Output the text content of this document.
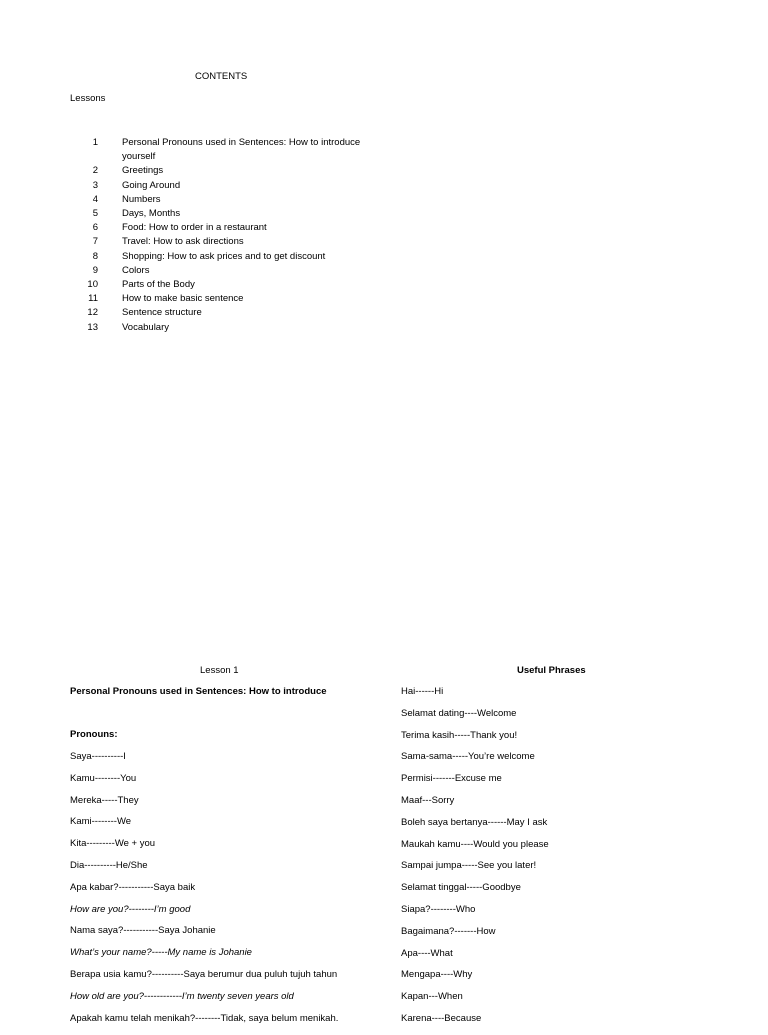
CONTENTS
Lessons
1	Personal Pronouns used in Sentences: How to introduce yourself
2	Greetings
3	Going Around
4	Numbers
5	Days, Months
6	Food: How to order in a restaurant
7	Travel: How to ask directions
8	Shopping: How to ask prices and to get discount
9	Colors
10	Parts of the Body
11	How to make basic sentence
12	Sentence structure
13	Vocabulary
Lesson 1	Useful Phrases
Personal Pronouns used in Sentences: How to introduce
Pronouns:
Saya----------I
Kamu--------You
Mereka-----They
Kami--------We
Kita---------We + you
Dia----------He/She
Apa kabar?-----------Saya baik
How are you?--------I’m good
Nama saya?-----------Saya Johanie
What’s your name?-----My name is Johanie
Berapa usia kamu?----------Saya berumur dua puluh tujuh tahun
How old are you?------------I’m twenty seven years old
Apakah kamu telah menikah?--------Tidak, saya belum menikah.
Hai------Hi
Selamat dating----Welcome
Terima kasih-----Thank you!
Sama-sama-----You’re welcome
Permisi-------Excuse me
Maaf---Sorry
Boleh saya bertanya------May I ask
Maukah kamu----Would you please
Sampai jumpa-----See you later!
Selamat tinggal-----Goodbye
Siapa?--------Who
Bagaimana?-------How
Apa----What
Mengapa----Why
Kapan---When
Karena----Because
